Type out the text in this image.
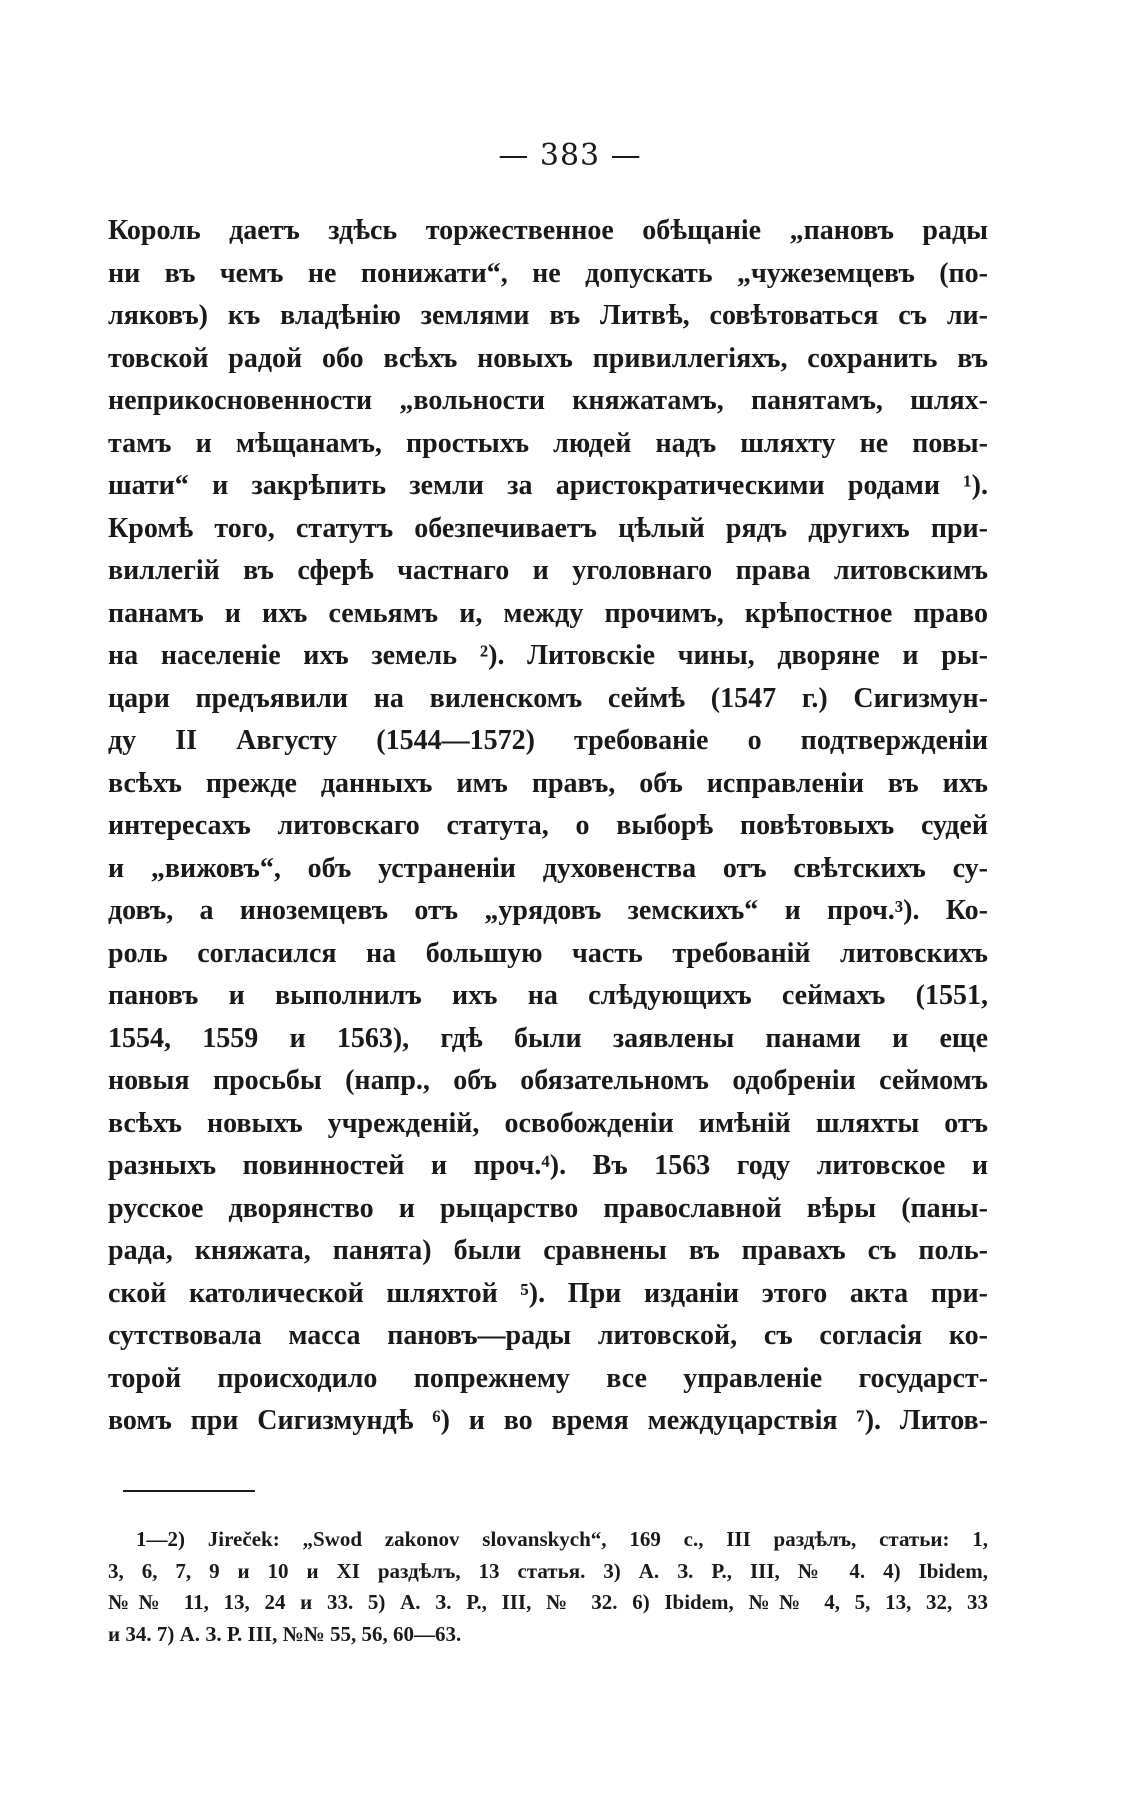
— 383 —
Король даетъ здѣсь торжественное обѣщаніе „пановъ рады
ни въ чемъ не понижати“, не допускать „чужеземцевъ (по-
ляковъ) къ владѣнію землями въ Литвѣ, совѣтоваться съ ли-
товской радой обо всѣхъ новыхъ привиллегіяхъ, сохранить въ
неприкосновенности „вольности княжатамъ, панятамъ, шлях-
тамъ и мѣщанамъ, простыхъ людей надъ шляхту не повы-
шати“ и закрѣпить земли за аристократическими родами ¹).
Кромѣ того, статутъ обезпечиваетъ цѣлый рядъ другихъ при-
виллегій въ сферѣ частнаго и уголовнаго права литовскимъ
панамъ и ихъ семьямъ и, между прочимъ, крѣпостное право
на населеніе ихъ земель ²). Литовскіе чины, дворяне и ры-
цари предъявили на виленскомъ сеймѣ (1547 г.) Сигизмун-
ду II Августу (1544—1572) требованіе о подтвержденіи
всѣхъ прежде данныхъ имъ правъ, объ исправленіи въ ихъ
интересахъ литовскаго статута, о выборѣ повѣтовыхъ судей
и „вижовъ“, объ устраненіи духовенства отъ свѣтскихъ су-
довъ, а иноземцевъ отъ „урядовъ земскихъ“ и проч.³). Ко-
роль согласился на большую часть требованій литовскихъ
пановъ и выполнилъ ихъ на слѣдующихъ сеймахъ (1551,
1554, 1559 и 1563), гдѣ были заявлены панами и еще
новыя просьбы (напр., объ обязательномъ одобреніи сеймомъ
всѣхъ новыхъ учрежденій, освобожденіи имѣній шляхты отъ
разныхъ повинностей и проч.⁴). Въ 1563 году литовское и
русское дворянство и рыцарство православной вѣры (паны-
рада, княжата, панята) были сравнены въ правахъ съ поль-
ской католической шляхтой ⁵). При изданіи этого акта при-
сутствовала масса пановъ—рады литовской, съ согласія ко-
торой происходило попрежнему все управленіе государст-
вомъ при Сигизмундѣ ⁶) и во время междуцарствія ⁷). Литов-
1—2) Jireček: „Swod zakonov slovanskych“, 169 с., III раздѣлъ, статьи: 1,
3, 6, 7, 9 и 10 и XI раздѣлъ, 13 статья. 3) А. З. Р., III, № 4. 4) Ibidem,
№№ 11, 13, 24 и 33. 5) А. З. Р., III, № 32. 6) Ibidem, №№ 4, 5, 13, 32, 33
и 34. 7) А. З. Р. III, №№ 55, 56, 60—63.
